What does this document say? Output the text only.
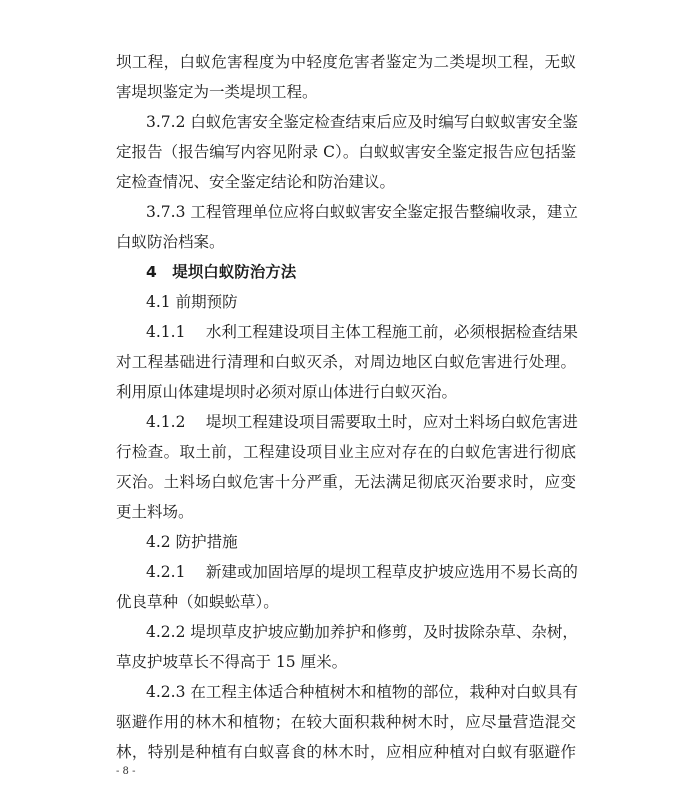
坝工程，白蚁危害程度为中轻度危害者鉴定为二类堤坝工程，无蚁
害堤坝鉴定为一类堤坝工程。
3.7.2 白蚁危害安全鉴定检查结束后应及时编写白蚁蚁害安全鉴
定报告（报告编写内容见附录 C）。白蚁蚁害安全鉴定报告应包括鉴
定检查情况、安全鉴定结论和防治建议。
3.7.3 工程管理单位应将白蚁蚁害安全鉴定报告整编收录，建立
白蚁防治档案。
4　堤坝白蚁防治方法
4.1 前期预防
4.1.1　 水利工程建设项目主体工程施工前，必须根据检查结果
对工程基础进行清理和白蚁灭杀，对周边地区白蚁危害进行处理。
利用原山体建堤坝时必须对原山体进行白蚁灭治。
4.1.2　 堤坝工程建设项目需要取土时，应对土料场白蚁危害进
行检查。取土前，工程建设项目业主应对存在的白蚁危害进行彻底
灭治。土料场白蚁危害十分严重，无法满足彻底灭治要求时，应变
更土料场。
4.2 防护措施
4.2.1　 新建或加固培厚的堤坝工程草皮护坡应选用不易长高的
优良草种（如蜈蚣草）。
4.2.2 堤坝草皮护坡应勤加养护和修剪，及时拔除杂草、杂树，
草皮护坡草长不得高于 15 厘米。
4.2.3 在工程主体适合种植树木和植物的部位，栽种对白蚁具有
驱避作用的林木和植物；在较大面积栽种树木时，应尽量营造混交
林，特别是种植有白蚁喜食的林木时，应相应种植对白蚁有驱避作
- 8 -
